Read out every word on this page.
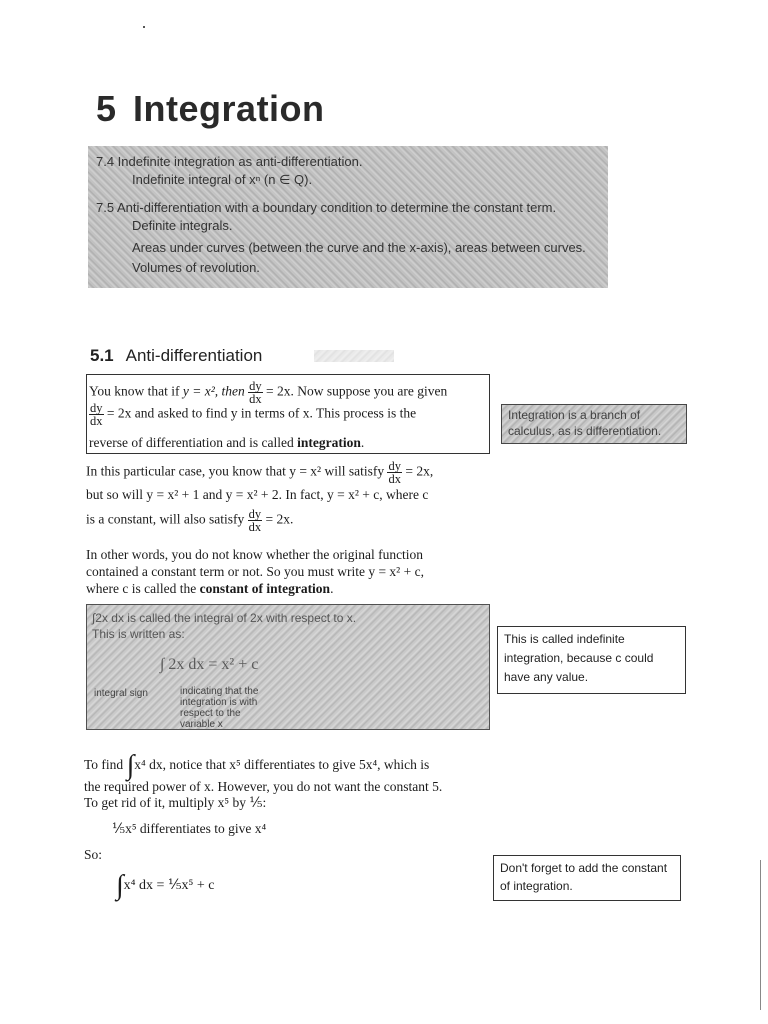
5 Integration
7.4 Indefinite integration as anti-differentiation.
Indefinite integral of xⁿ (n ∈ Q).
7.5 Anti-differentiation with a boundary condition to determine the constant term.
Definite integrals.
Areas under curves (between the curve and the x-axis), areas between curves.
Volumes of revolution.
5.1 Anti-differentiation
You know that if y = x², then $\frac{dy}{dx} = 2x$. Now suppose you are given
$\frac{dy}{dx} = 2x$ and asked to find y in terms of x. This process is the
reverse of differentiation and is called integration.
Integration is a branch of calculus, as is differentiation.
In this particular case, you know that y = x² will satisfy $\frac{dy}{dx} = 2x$,
but so will y = x² + 1 and y = x² + 2. In fact, y = x² + c, where c
is a constant, will also satisfy $\frac{dy}{dx} = 2x$.
In other words, you do not know whether the original function
contained a constant term or not. So you must write y = x² + c,
where c is called the constant of integration.
∫2x dx is called the integral of 2x with respect to x.
This is written as:
∫ 2x dx = x² + c
integral sign	indicating that the integration is with respect to the variable x
This is called indefinite integration, because c could have any value.
To find ∫x⁴ dx, notice that x⁵ differentiates to give 5x⁴, which is
the required power of x. However, you do not want the constant 5.
To get rid of it, multiply x⁵ by ⅕:
⅕x⁵ differentiates to give x⁴
So:
∫x⁴ dx = ⅕x⁵ + c
Don't forget to add the constant of integration.
